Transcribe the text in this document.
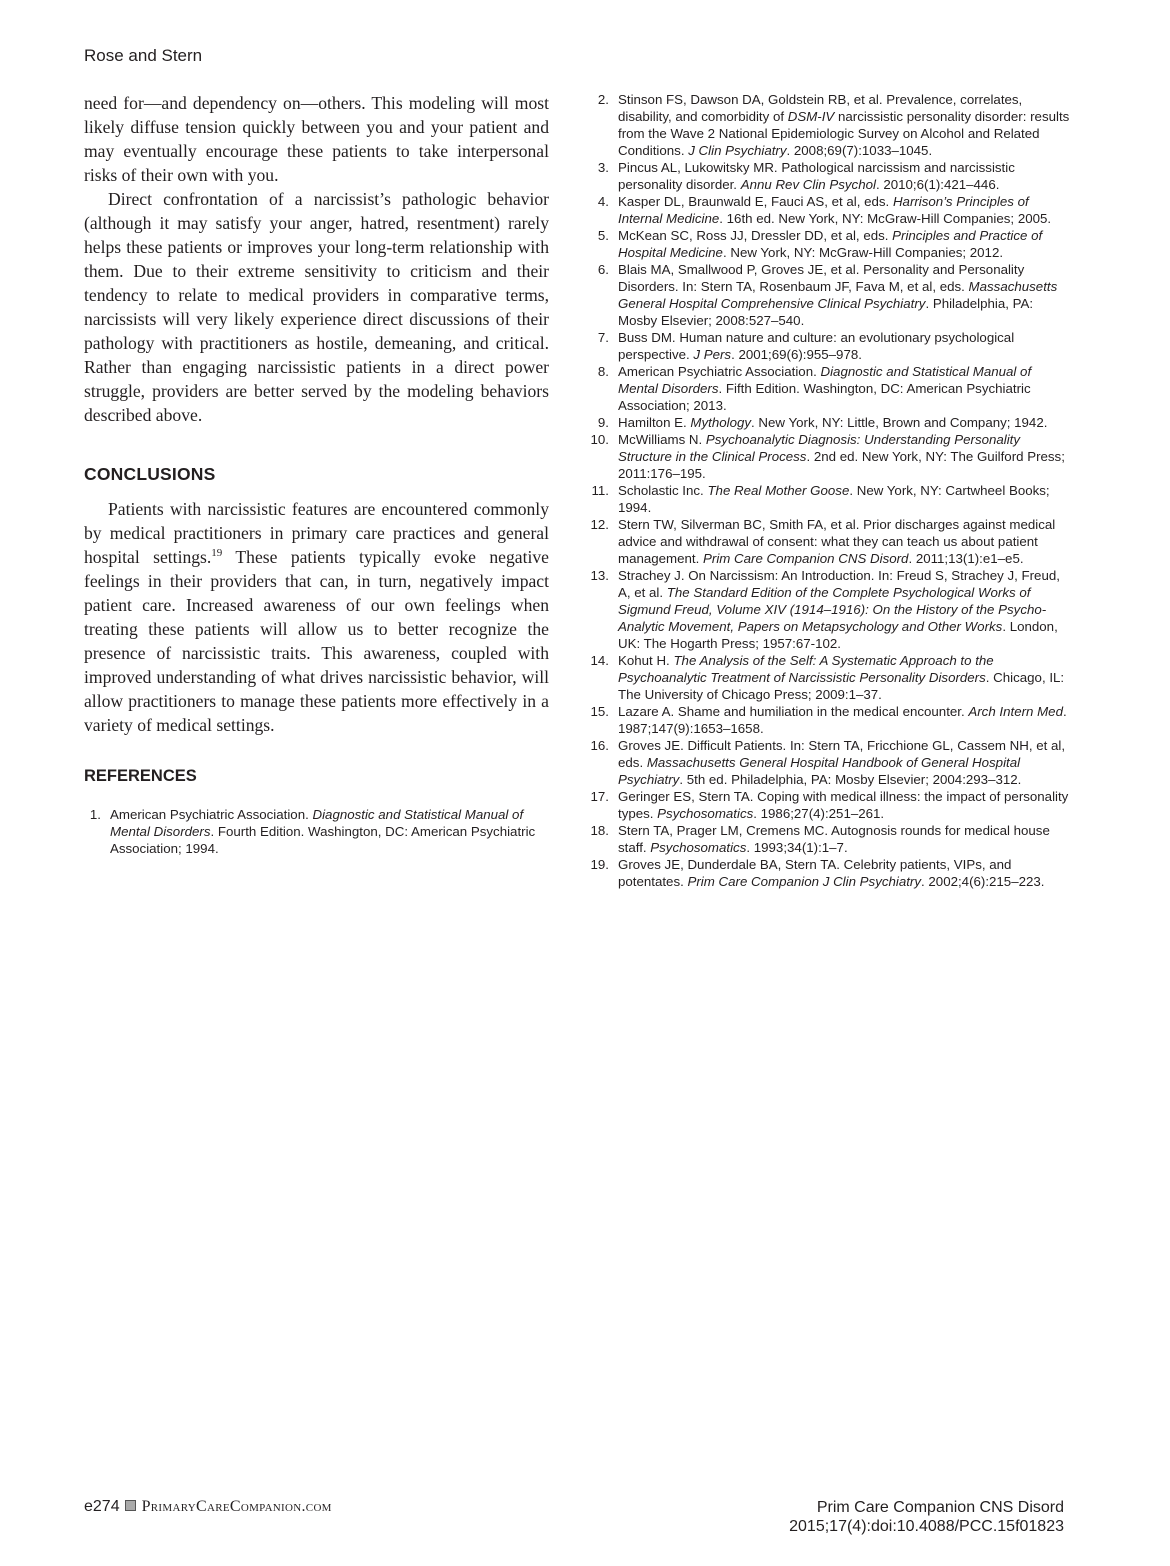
Rose and Stern

need for—and dependency on—others. This modeling will most likely diffuse tension quickly between you and your patient and may eventually encourage these patients to take interpersonal risks of their own with you.

Direct confrontation of a narcissist’s pathologic behavior (although it may satisfy your anger, hatred, resentment) rarely helps these patients or improves your long-term relationship with them. Due to their extreme sensitivity to criticism and their tendency to relate to medical providers in comparative terms, narcissists will very likely experience direct discussions of their pathology with practitioners as hostile, demeaning, and critical. Rather than engaging narcissistic patients in a direct power struggle, providers are better served by the modeling behaviors described above.

CONCLUSIONS

Patients with narcissistic features are encountered commonly by medical practitioners in primary care practices and general hospital settings.$^{19}$ These patients typically evoke negative feelings in their providers that can, in turn, negatively impact patient care. Increased awareness of our own feelings when treating these patients will allow us to better recognize the presence of narcissistic traits. This awareness, coupled with improved understanding of what drives narcissistic behavior, will allow practitioners to manage these patients more effectively in a variety of medical settings.

REFERENCES
1. American Psychiatric Association. Diagnostic and Statistical Manual of Mental Disorders. Fourth Edition. Washington, DC: American Psychiatric Association; 1994.
2. Stinson FS, Dawson DA, Goldstein RB, et al. Prevalence, correlates, disability, and comorbidity of DSM-IV narcissistic personality disorder: results from the Wave 2 National Epidemiologic Survey on Alcohol and Related Conditions. J Clin Psychiatry. 2008;69(7):1033–1045.
3. Pincus AL, Lukowitsky MR. Pathological narcissism and narcissistic personality disorder. Annu Rev Clin Psychol. 2010;6(1):421–446.
4. Kasper DL, Braunwald E, Fauci AS, et al, eds. Harrison’s Principles of Internal Medicine. 16th ed. New York, NY: McGraw-Hill Companies; 2005.
5. McKean SC, Ross JJ, Dressler DD, et al, eds. Principles and Practice of Hospital Medicine. New York, NY: McGraw-Hill Companies; 2012.
6. Blais MA, Smallwood P, Groves JE, et al. Personality and Personality Disorders. In: Stern TA, Rosenbaum JF, Fava M, et al, eds. Massachusetts General Hospital Comprehensive Clinical Psychiatry. Philadelphia, PA: Mosby Elsevier; 2008:527–540.
7. Buss DM. Human nature and culture: an evolutionary psychological perspective. J Pers. 2001;69(6):955–978.
8. American Psychiatric Association. Diagnostic and Statistical Manual of Mental Disorders. Fifth Edition. Washington, DC: American Psychiatric Association; 2013.
9. Hamilton E. Mythology. New York, NY: Little, Brown and Company; 1942.
10. McWilliams N. Psychoanalytic Diagnosis: Understanding Personality Structure in the Clinical Process. 2nd ed. New York, NY: The Guilford Press; 2011:176–195.
11. Scholastic Inc. The Real Mother Goose. New York, NY: Cartwheel Books; 1994.
12. Stern TW, Silverman BC, Smith FA, et al. Prior discharges against medical advice and withdrawal of consent: what they can teach us about patient management. Prim Care Companion CNS Disord. 2011;13(1):e1–e5.
13. Strachey J. On Narcissism: An Introduction. In: Freud S, Strachey J, Freud, A, et al. The Standard Edition of the Complete Psychological Works of Sigmund Freud, Volume XIV (1914–1916): On the History of the Psycho-Analytic Movement, Papers on Metapsychology and Other Works. London, UK: The Hogarth Press; 1957:67-102.
14. Kohut H. The Analysis of the Self: A Systematic Approach to the Psychoanalytic Treatment of Narcissistic Personality Disorders. Chicago, IL: The University of Chicago Press; 2009:1–37.
15. Lazare A. Shame and humiliation in the medical encounter. Arch Intern Med. 1987;147(9):1653–1658.
16. Groves JE. Difficult Patients. In: Stern TA, Fricchione GL, Cassem NH, et al, eds. Massachusetts General Hospital Handbook of General Hospital Psychiatry. 5th ed. Philadelphia, PA: Mosby Elsevier; 2004:293–312.
17. Geringer ES, Stern TA. Coping with medical illness: the impact of personality types. Psychosomatics. 1986;27(4):251–261.
18. Stern TA, Prager LM, Cremens MC. Autognosis rounds for medical house staff. Psychosomatics. 1993;34(1):1–7.
19. Groves JE, Dunderdale BA, Stern TA. Celebrity patients, VIPs, and potentates. Prim Care Companion J Clin Psychiatry. 2002;4(6):215–223.
e274 PrimaryCareCompanion.com	Prim Care Companion CNS Disord
2015;17(4):doi:10.4088/PCC.15f01823
